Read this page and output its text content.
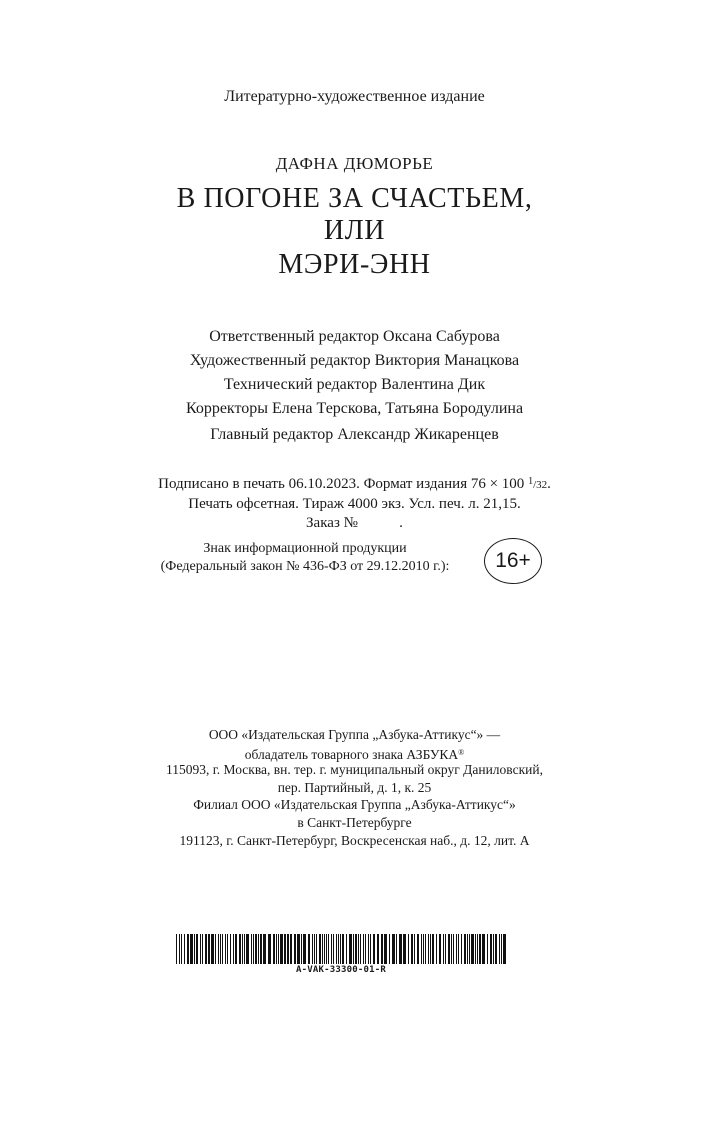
Литературно-художественное издание
ДАФНА ДЮМОРЬЕ
В ПОГОНЕ ЗА СЧАСТЬЕМ,
ИЛИ
МЭРИ-ЭНН
Ответственный редактор Оксана Сабурова
Художественный редактор Виктория Манацкова
Технический редактор Валентина Дик
Корректоры Елена Терскова, Татьяна Бородулина
Главный редактор Александр Жикаренцев
Подписано в печать 06.10.2023. Формат издания 76 × 100 $^1$/32.
Печать офсетная. Тираж 4000 экз. Усл. печ. л. 21,15.
Заказ №           .
Знак информационной продукции
(Федеральный закон № 436-ФЗ от 29.12.2010 г.):	16+
ООО «Издательская Группа „Азбука-Аттикус“» —
обладатель товарного знака АЗБУКА®
115093, г. Москва, вн. тер. г. муниципальный округ Даниловский,
пер. Партийный, д. 1, к. 25
Филиал ООО «Издательская Группа „Азбука-Аттикус“»
в Санкт-Петербурге
191123, г. Санкт-Петербург, Воскресенская наб., д. 12, лит. А
A-VAK-33300-01-R
